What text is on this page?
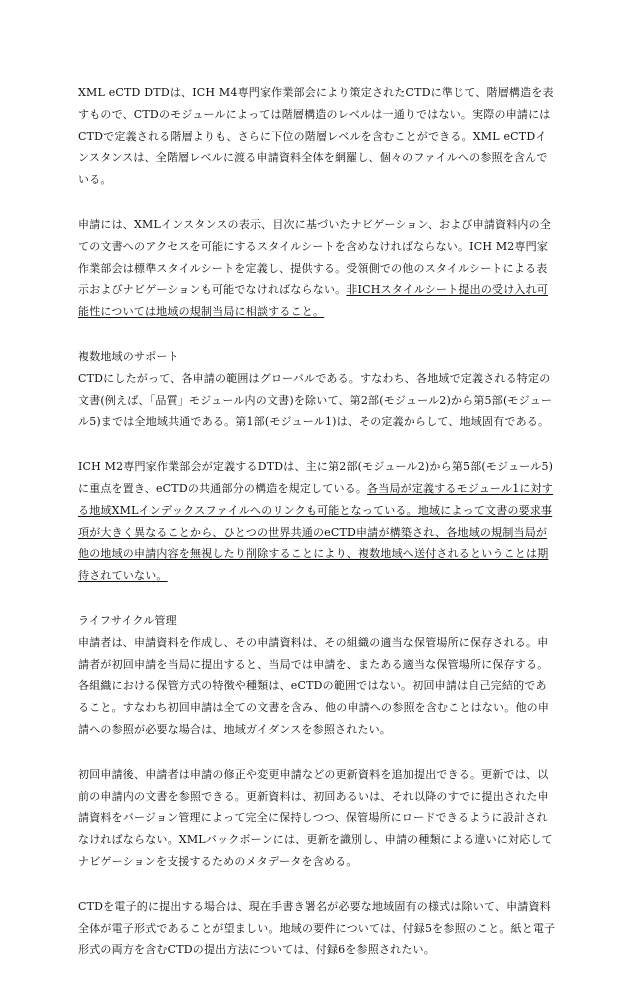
XML eCTD DTDは、ICH M4専門家作業部会により策定されたCTDに準じて、階層構造を表すもので、CTDのモジュールによっては階層構造のレベルは一通りではない。実際の申請にはCTDで定義される階層よりも、さらに下位の階層レベルを含むことができる。XML eCTDインスタンスは、全階層レベルに渡る申請資料全体を網羅し、個々のファイルへの参照を含んでいる。

申請には、XMLインスタンスの表示、目次に基づいたナビゲーション、および申請資料内の全ての文書へのアクセスを可能にするスタイルシートを含めなければならない。ICH M2専門家作業部会は標準スタイルシートを定義し、提供する。受領側での他のスタイルシートによる表示およびナビゲーションも可能でなければならない。非ICHスタイルシート提出の受け入れ可能性については地域の規制当局に相談すること。

複数地域のサポート
CTDにしたがって、各申請の範囲はグローバルである。すなわち、各地域で定義される特定の文書(例えば、「品質」モジュール内の文書)を除いて、第2部(モジュール2)から第5部(モジュール5)までは全地域共通である。第1部(モジュール1)は、その定義からして、地域固有である。

ICH M2専門家作業部会が定義するDTDは、主に第2部(モジュール2)から第5部(モジュール5)に重点を置き、eCTDの共通部分の構造を規定している。各当局が定義するモジュール1に対する地域XMLインデックスファイルへのリンクも可能となっている。地域によって文書の要求事項が大きく異なることから、ひとつの世界共通のeCTD申請が構築され、各地域の規制当局が他の地域の申請内容を無視したり削除することにより、複数地域へ送付されるということは期待されていない。

ライフサイクル管理
申請者は、申請資料を作成し、その申請資料は、その組織の適当な保管場所に保存される。申請者が初回申請を当局に提出すると、当局では申請を、またある適当な保管場所に保存する。各組織における保管方式の特徴や種類は、eCTDの範囲ではない。初回申請は自己完結的であること。すなわち初回申請は全ての文書を含み、他の申請への参照を含むことはない。他の申請への参照が必要な場合は、地域ガイダンスを参照されたい。

初回申請後、申請者は申請の修正や変更申請などの更新資料を追加提出できる。更新では、以前の申請内の文書を参照できる。更新資料は、初回あるいは、それ以降のすでに提出された申請資料をバージョン管理によって完全に保持しつつ、保管場所にロードできるように設計されなければならない。XMLバックボーンには、更新を識別し、申請の種類による違いに対応してナビゲーションを支援するためのメタデータを含める。

CTDを電子的に提出する場合は、現在手書き署名が必要な地域固有の様式は除いて、申請資料全体が電子形式であることが望ましい。地域の要件については、付録5を参照のこと。紙と電子形式の両方を含むCTDの提出方法については、付録6を参照されたい。
